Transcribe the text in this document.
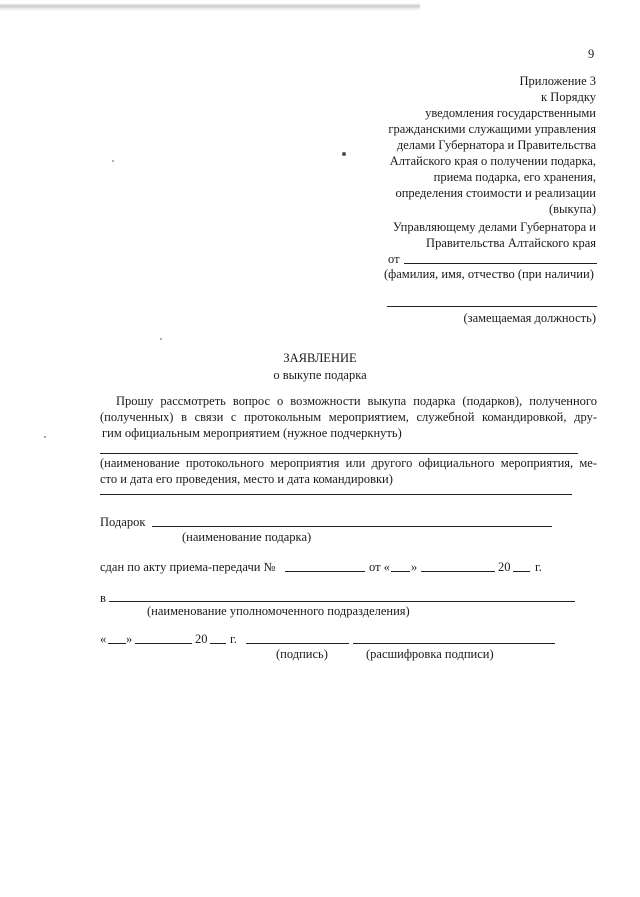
9
Приложение 3
к Порядку
уведомления государственными
гражданскими служащими управления
делами Губернатора и Правительства
Алтайского края о получении подарка,
приема подарка, его хранения,
определения стоимости и реализации
(выкупа)
Управляющему делами Губернатора и
Правительства Алтайского края
от
(фамилия, имя, отчество (при наличии)
(замещаемая должность)
ЗАЯВЛЕНИЕ
о выкупе подарка
Прошу рассмотреть вопрос о возможности выкупа подарка (подарков), полученного
(полученных) в связи с протокольным мероприятием, служебной командировкой, дру-
гим официальным мероприятием (нужное подчеркнуть)
(наименование протокольного мероприятия или другого официального мероприятия, ме-
сто и дата его проведения, место и дата командировки)
Подарок
(наименование подарка)
сдан по акту приема-передачи №	от « »	20 г.
в
(наименование уполномоченного подразделения)
« »	20 г.
(подпись)	(расшифровка подписи)
